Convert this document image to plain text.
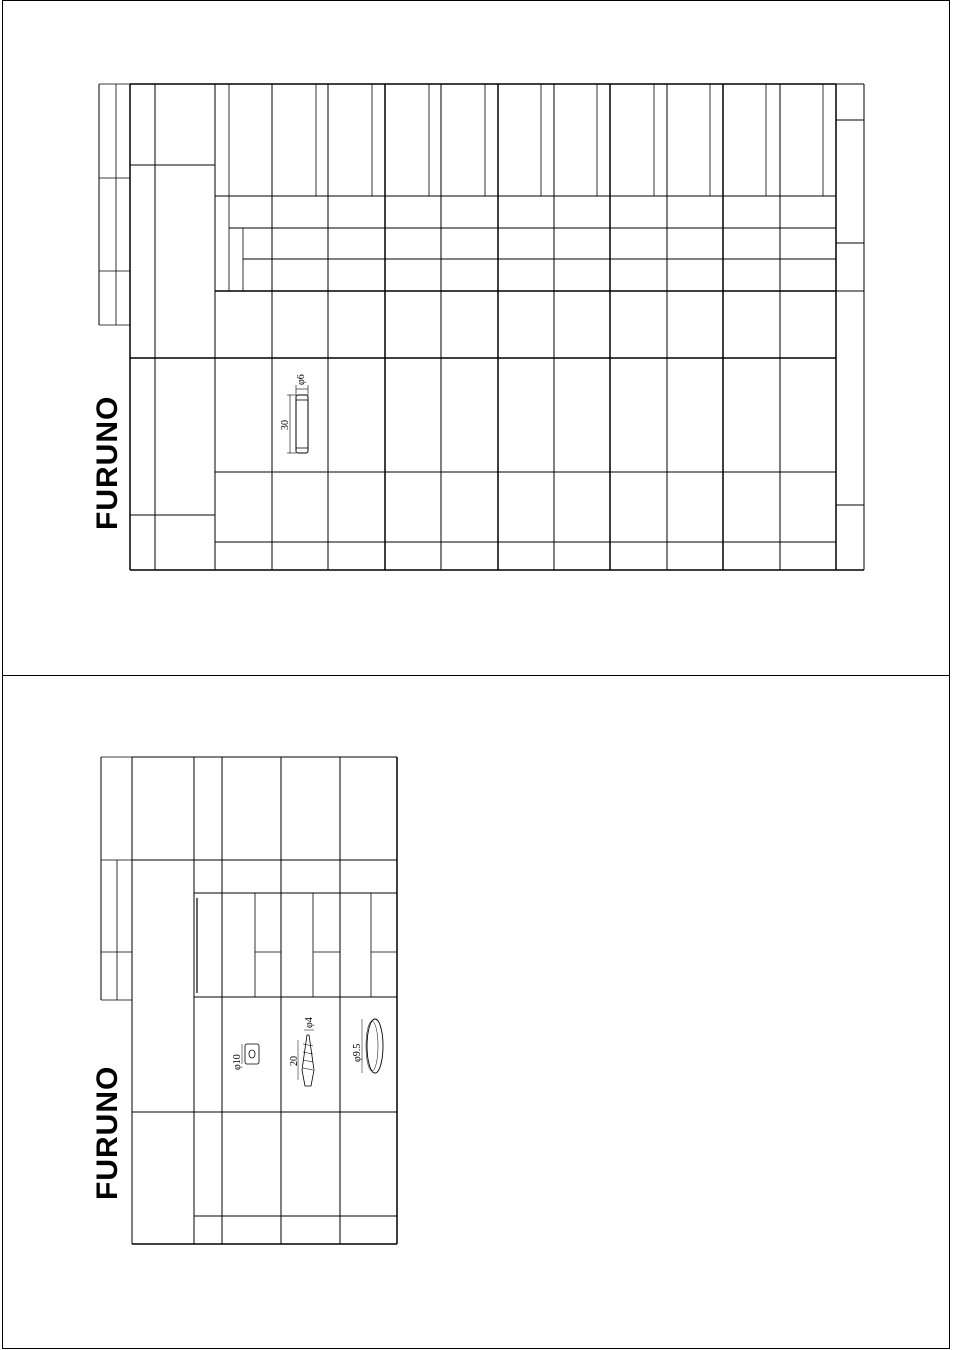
FURUNO
FURUNO
30
φ6
φ10	20
φ4
φ9.5
